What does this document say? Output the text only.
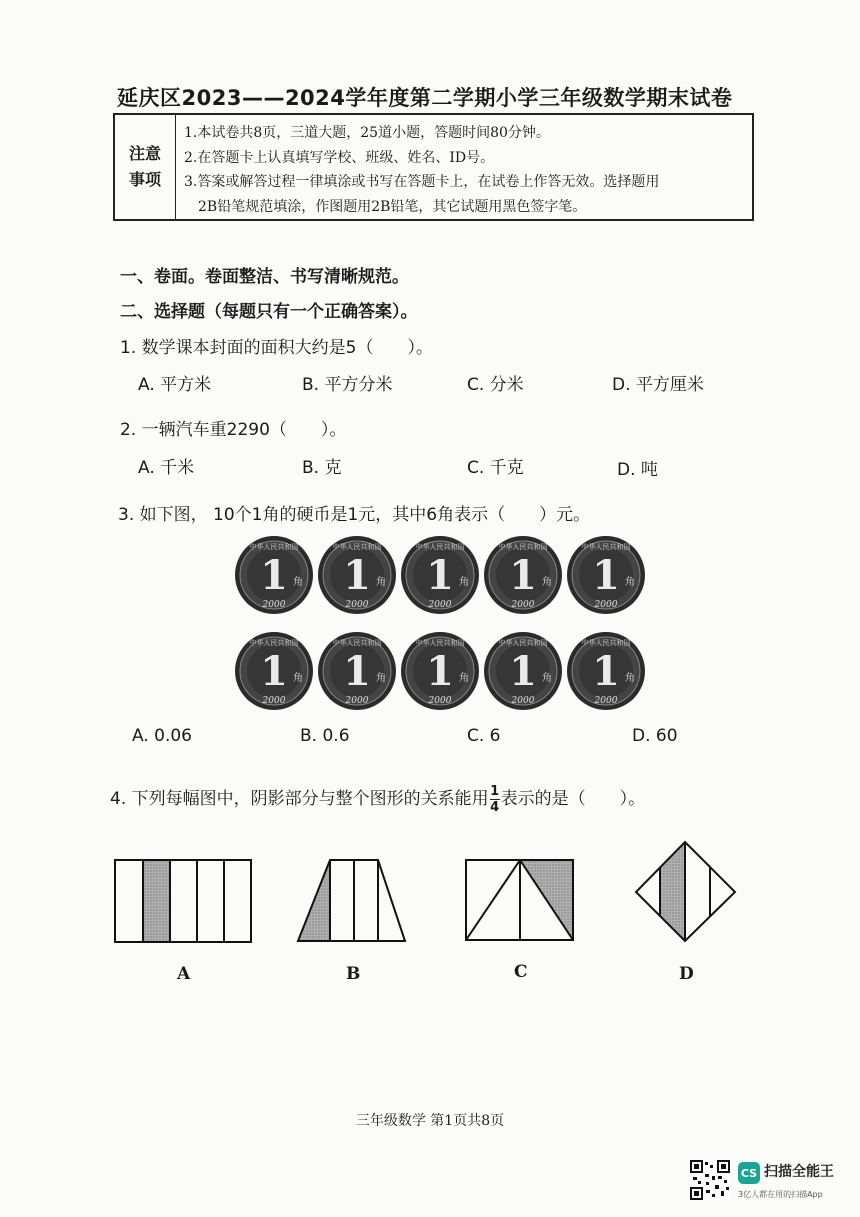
延庆区2023——2024学年度第二学期小学三年级数学期末试卷
注意
事项
1.本试卷共8页，三道大题，25道小题，答题时间80分钟。
2.在答题卡上认真填写学校、班级、姓名、ID号。
3.答案或解答过程一律填涂或书写在答题卡上，在试卷上作答无效。选择题用
2B铅笔规范填涂，作图题用2B铅笔，其它试题用黑色签字笔。
一、卷面。卷面整洁、书写清晰规范。
二、选择题（每题只有一个正确答案）。
1. 数学课本封面的面积大约是5（　　）。
A. 平方米	B. 平方分米	C. 分米	D. 平方厘米
2. 一辆汽车重2290（　　）。
A. 千米	B. 克	C. 千克	D. 吨
3. 如下图， 10个1角的硬币是1元，其中6角表示（　　）元。
中华人民共和国
1 角
2000
中华人民共和国
1 角
2000
中华人民共和国
1 角
2000
中华人民共和国
1 角
2000
中华人民共和国
1 角
2000
中华人民共和国
1 角
2000
中华人民共和国
1 角
2000
中华人民共和国
1 角
2000
中华人民共和国
1 角
2000
中华人民共和国
1 角
2000
A. 0.06	B. 0.6	C. 6	D. 60
4. 下列每幅图中，阴影部分与整个图形的关系能用 $\frac{1}{4}$ 表示的是（　　）。
A	B	C	D
三年级数学 第1页共8页
CS 扫描全能王
3亿人都在用的扫描App
